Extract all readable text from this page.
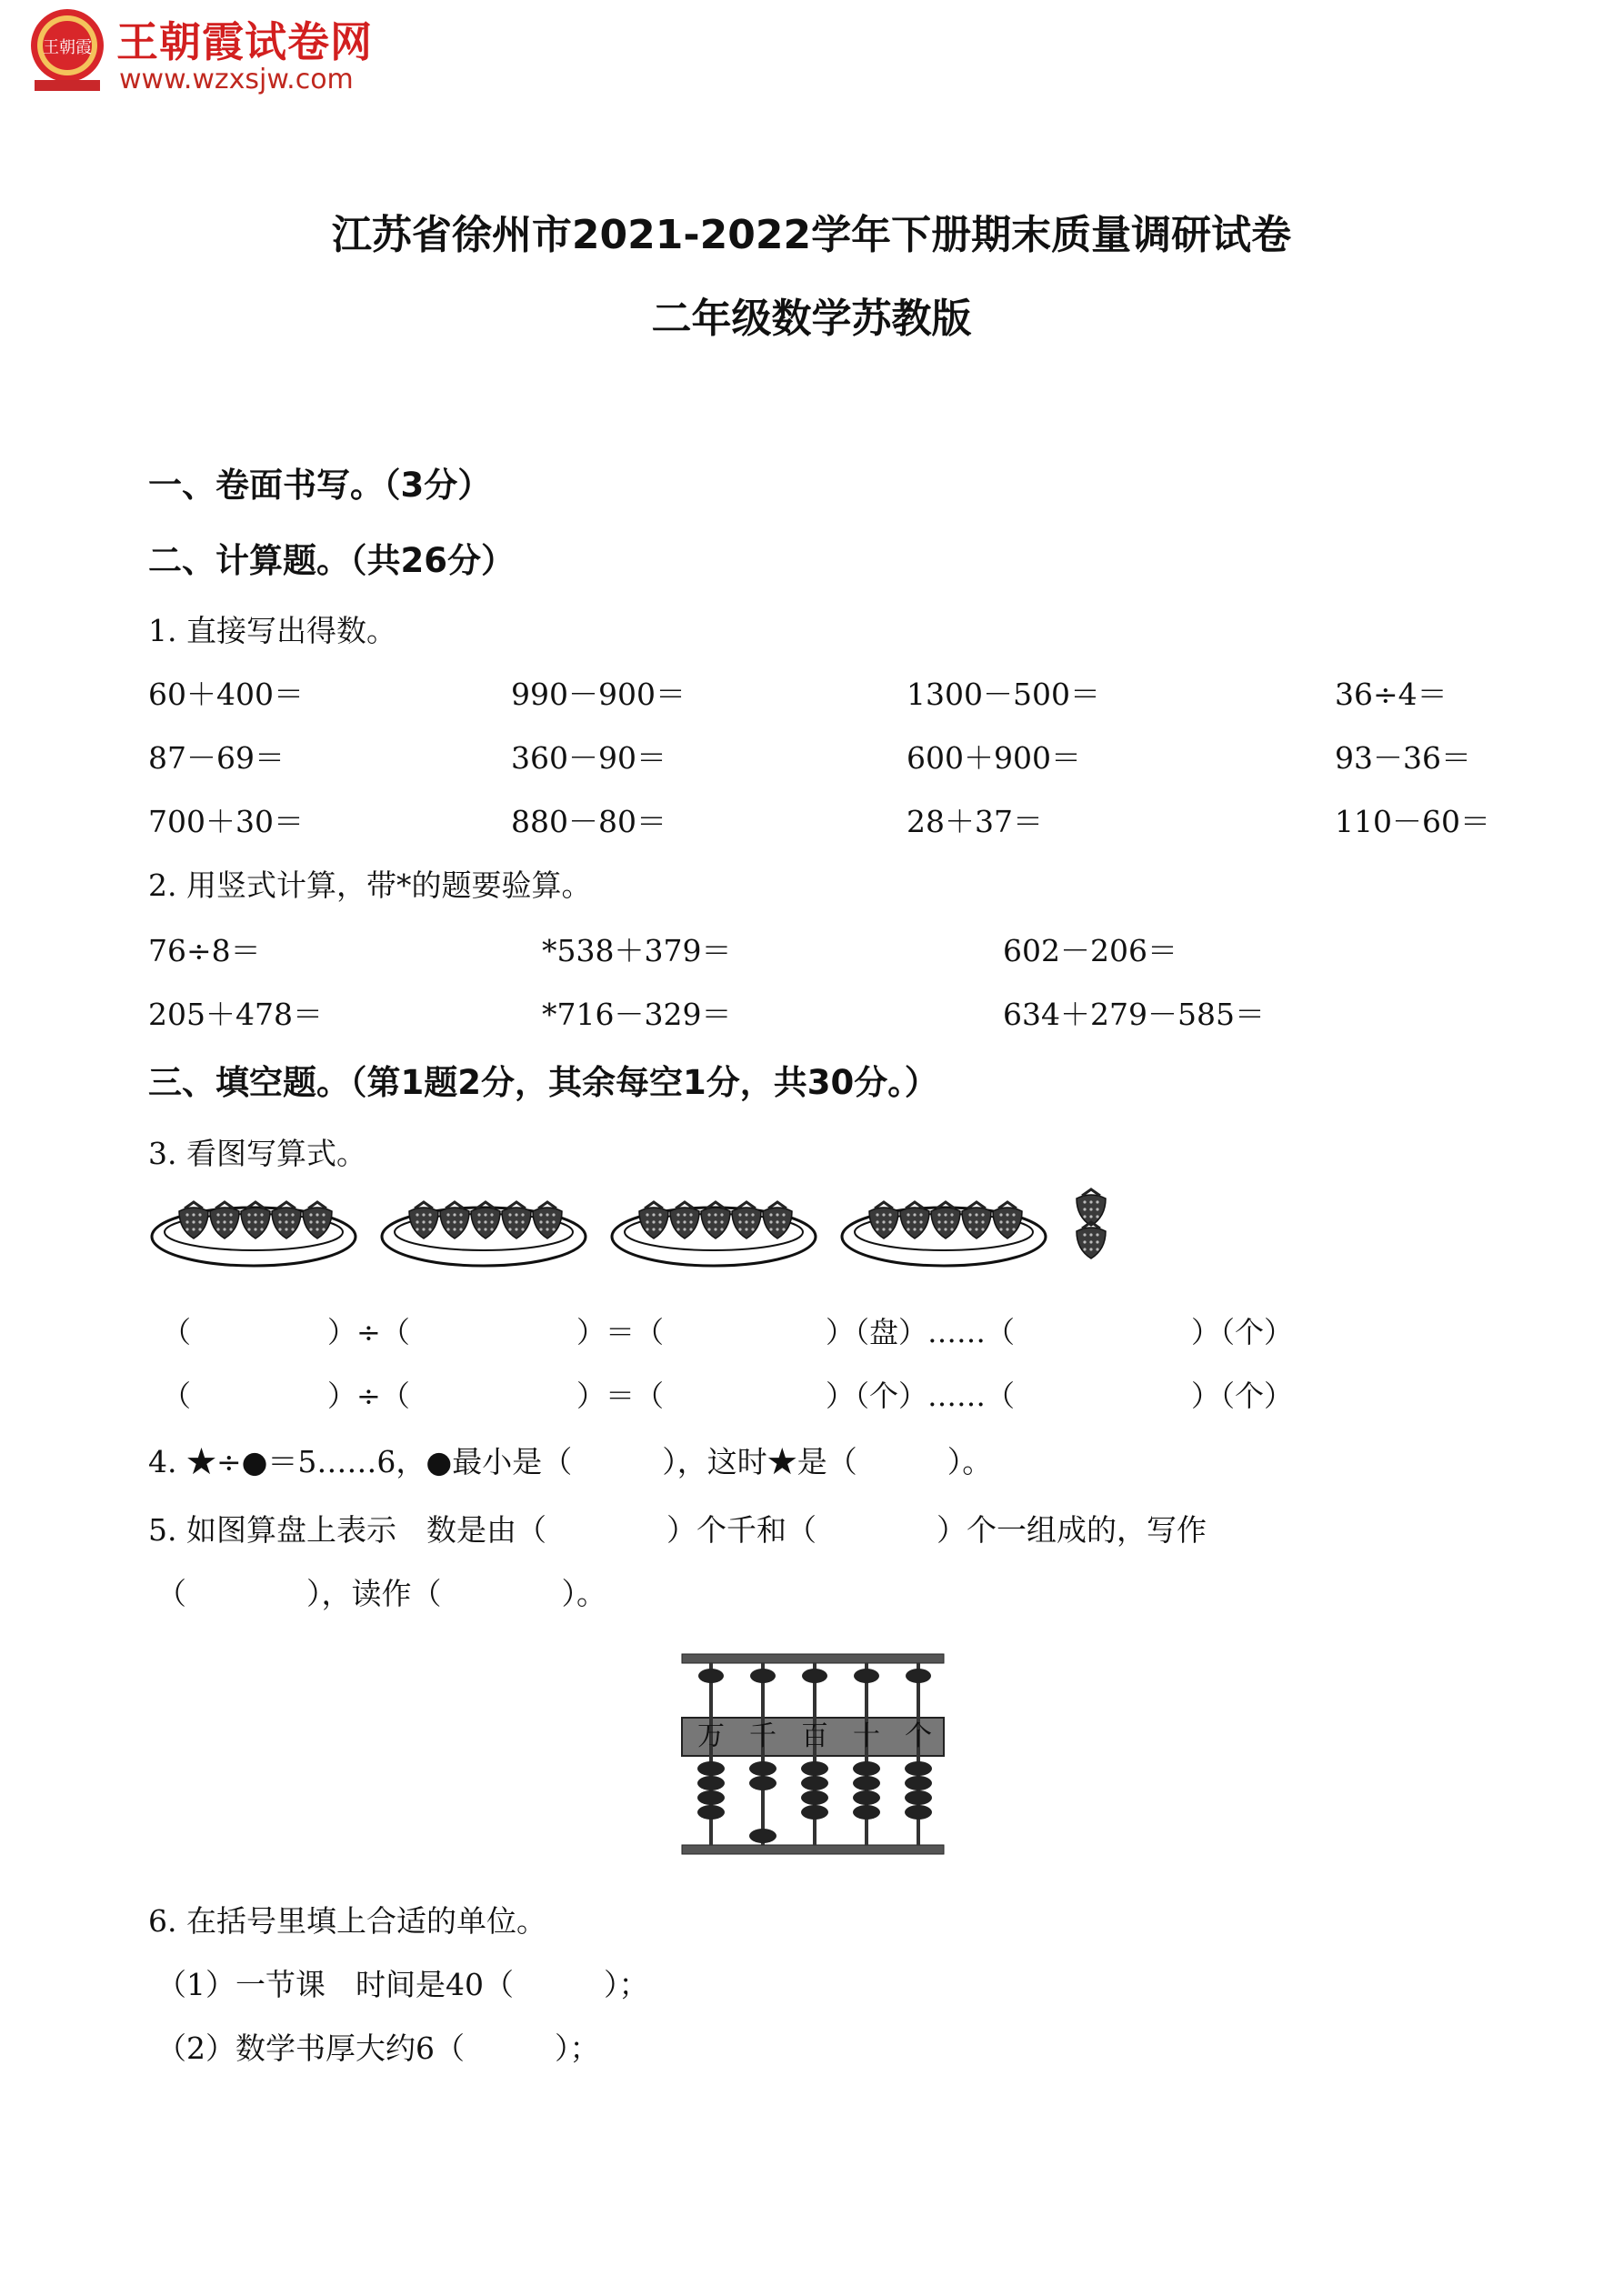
王朝霞 王朝霞试卷网
www.wzxsjw.com
江苏省徐州市2021-2022学年下册期末质量调研试卷
二年级数学苏教版
一、卷面书写。（3分）
二、计算题。（共26分）
1. 直接写出得数。
60＋400＝	990－900＝	1300－500＝	36÷4＝
87－69＝	360－90＝	600＋900＝	93－36＝
700＋30＝	880－80＝	28＋37＝	110－60＝
2. 用竖式计算，带*的题要验算。
76÷8＝	*538＋379＝	602－206＝
205＋478＝	*716－329＝	634＋279－585＝
三、填空题。（第1题2分，其余每空1分，共30分。）
3. 看图写算式。
（	）÷（	）＝（	）（盘）……（	）（个）
（	）÷（	）＝（	）（个）……（	）（个）
4. ★÷●＝5……6，●最小是（　　　），这时★是（　　　）。
5. 如图算盘上表示　数是由（　　　　）个千和（　　　　）个一组成的，写作
（　　　　），读作（　　　　）。
万 千 百 十 个
6. 在括号里填上合适的单位。
（1）一节课　时间是40（　　　）；
（2）数学书厚大约6（　　　）；
